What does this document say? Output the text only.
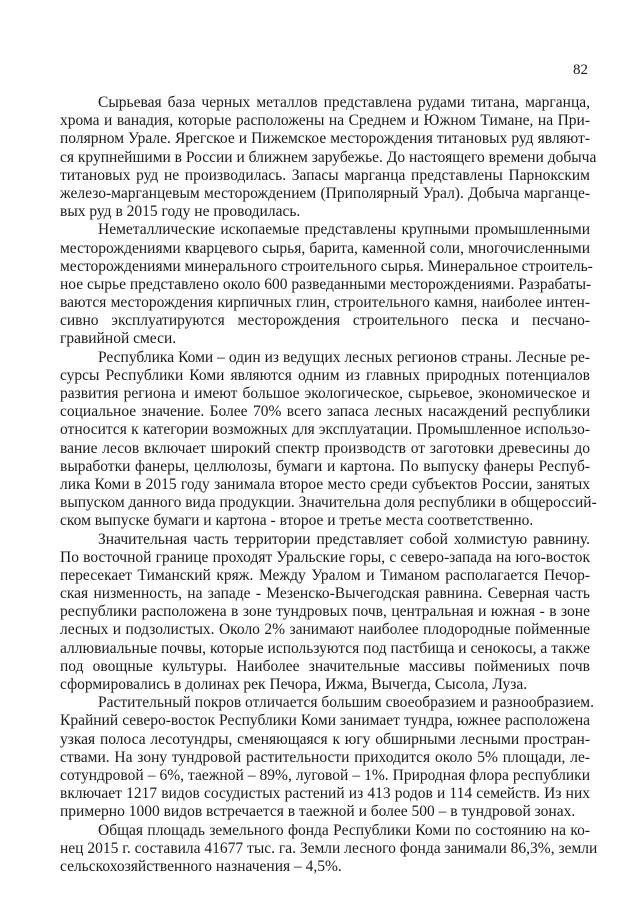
82
Сырьевая база черных металлов представлена рудами титана, марганца,
хрома и ванадия, которые расположены на Среднем и Южном Тимане, на При-
полярном Урале. Ярегское и Пижемское месторождения титановых руд являют-
ся крупнейшими в России и ближнем зарубежье. До настоящего времени добыча
титановых руд не производилась. Запасы марганца представлены Парнокским
железо-марганцевым месторождением (Приполярный Урал). Добыча марганце-
вых руд в 2015 году не проводилась.
Неметаллические ископаемые представлены крупными промышленными
месторождениями кварцевого сырья, барита, каменной соли, многочисленными
месторождениями минерального строительного сырья. Минеральное строитель-
ное сырье представлено около 600 разведанными месторождениями. Разрабаты-
ваются месторождения кирпичных глин, строительного камня, наиболее интен-
сивно эксплуатируются месторождения строительного песка и песчано-
гравийной смеси.
Республика Коми – один из ведущих лесных регионов страны. Лесные ре-
сурсы Республики Коми являются одним из главных природных потенциалов
развития региона и имеют большое экологическое, сырьевое, экономическое и
социальное значение. Более 70% всего запаса лесных насаждений республики
относится к категории возможных для эксплуатации. Промышленное использо-
вание лесов включает широкий спектр производств от заготовки древесины до
выработки фанеры, целлюлозы, бумаги и картона. По выпуску фанеры Респуб-
лика Коми в 2015 году занимала второе место среди субъектов России, занятых
выпуском данного вида продукции. Значительна доля республики в общероссий-
ском выпуске бумаги и картона - второе и третье места соответственно.
Значительная часть территории представляет собой холмистую равнину.
По восточной границе проходят Уральские горы, с северо-запада на юго-восток
пересекает Тиманский кряж. Между Уралом и Тиманом располагается Печор-
ская низменность, на западе - Мезенско-Вычегодская равнина. Северная часть
республики расположена в зоне тундровых почв, центральная и южная - в зоне
лесных и подзолистых. Около 2% занимают наиболее плодородные пойменные
аллювиальные почвы, которые используются под пастбища и сенокосы, а также
под овощные культуры. Наиболее значительные массивы поймениых почв
сформировались в долинах рек Печора, Ижма, Вычегда, Сысола, Луза.
Растительный покров отличается большим своеобразием и разнообразием.
Крайний северо-восток Республики Коми занимает тундра, южнее расположена
узкая полоса лесотундры, сменяющаяся к югу обширными лесными простран-
ствами. На зону тундровой растительности приходится около 5% площади, ле-
сотундровой – 6%, таежной – 89%, луговой – 1%. Природная флора республики
включает 1217 видов сосудистых растений из 413 родов и 114 семейств. Из них
примерно 1000 видов встречается в таежной и более 500 – в тундровой зонах.
Общая площадь земельного фонда Республики Коми по состоянию на ко-
нец 2015 г. составила 41677 тыс. га. Земли лесного фонда занимали 86,3%, земли
сельскохозяйственного назначения – 4,5%.
